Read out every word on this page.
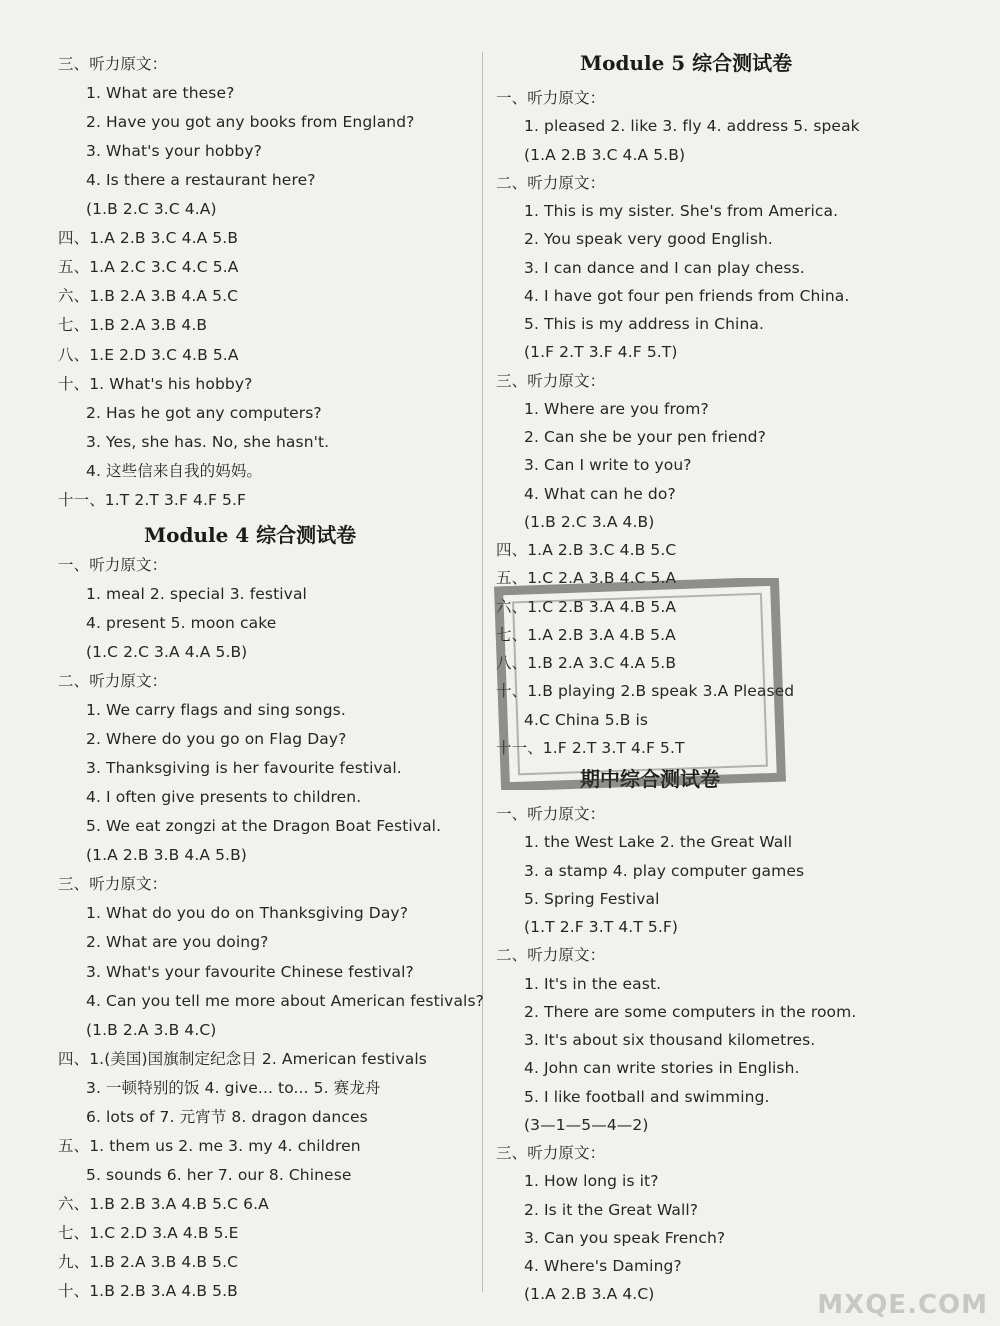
三、听力原文：
1. What are these?
2. Have you got any books from England?
3. What's your hobby?
4. Is there a restaurant here?
(1.B 2.C 3.C 4.A)
四、1.A 2.B 3.C 4.A 5.B
五、1.A 2.C 3.C 4.C 5.A
六、1.B 2.A 3.B 4.A 5.C
七、1.B 2.A 3.B 4.B
八、1.E 2.D 3.C 4.B 5.A
十、1. What's his hobby?
2. Has he got any computers?
3. Yes, she has. No, she hasn't.
4. 这些信来自我的妈妈。
十一、1.T 2.T 3.F 4.F 5.F
Module 4 综合测试卷
一、听力原文：
1. meal 2. special 3. festival
4. present 5. moon cake
(1.C 2.C 3.A 4.A 5.B)
二、听力原文：
1. We carry flags and sing songs.
2. Where do you go on Flag Day?
3. Thanksgiving is her favourite festival.
4. I often give presents to children.
5. We eat zongzi at the Dragon Boat Festival.
(1.A 2.B 3.B 4.A 5.B)
三、听力原文：
1. What do you do on Thanksgiving Day?
2. What are you doing?
3. What's your favourite Chinese festival?
4. Can you tell me more about American festivals?
(1.B 2.A 3.B 4.C)
四、1.(美国)国旗制定纪念日 2. American festivals
3. 一顿特别的饭 4. give... to... 5. 赛龙舟
6. lots of 7. 元宵节 8. dragon dances
五、1. them us 2. me 3. my 4. children
5. sounds 6. her 7. our 8. Chinese
六、1.B 2.B 3.A 4.B 5.C 6.A
七、1.C 2.D 3.A 4.B 5.E
九、1.B 2.A 3.B 4.B 5.C
十、1.B 2.B 3.A 4.B 5.B
Module 5 综合测试卷
一、听力原文：
1. pleased 2. like 3. fly 4. address 5. speak
(1.A 2.B 3.C 4.A 5.B)
二、听力原文：
1. This is my sister. She's from America.
2. You speak very good English.
3. I can dance and I can play chess.
4. I have got four pen friends from China.
5. This is my address in China.
(1.F 2.T 3.F 4.F 5.T)
三、听力原文：
1. Where are you from?
2. Can she be your pen friend?
3. Can I write to you?
4. What can he do?
(1.B 2.C 3.A 4.B)
四、1.A 2.B 3.C 4.B 5.C
五、1.C 2.A 3.B 4.C 5.A
六、1.C 2.B 3.A 4.B 5.A
七、1.A 2.B 3.A 4.B 5.A
八、1.B 2.A 3.C 4.A 5.B
十、1.B playing 2.B speak 3.A Pleased
4.C China 5.B is
十一、1.F 2.T 3.T 4.F 5.T
期中综合测试卷
一、听力原文：
1. the West Lake 2. the Great Wall
3. a stamp 4. play computer games
5. Spring Festival
(1.T 2.F 3.T 4.T 5.F)
二、听力原文：
1. It's in the east.
2. There are some computers in the room.
3. It's about six thousand kilometres.
4. John can write stories in English.
5. I like football and swimming.
(3—1—5—4—2)
三、听力原文：
1. How long is it?
2. Is it the Great Wall?
3. Can you speak French?
4. Where's Daming?
(1.A 2.B 3.A 4.C)	MXQE.COM
